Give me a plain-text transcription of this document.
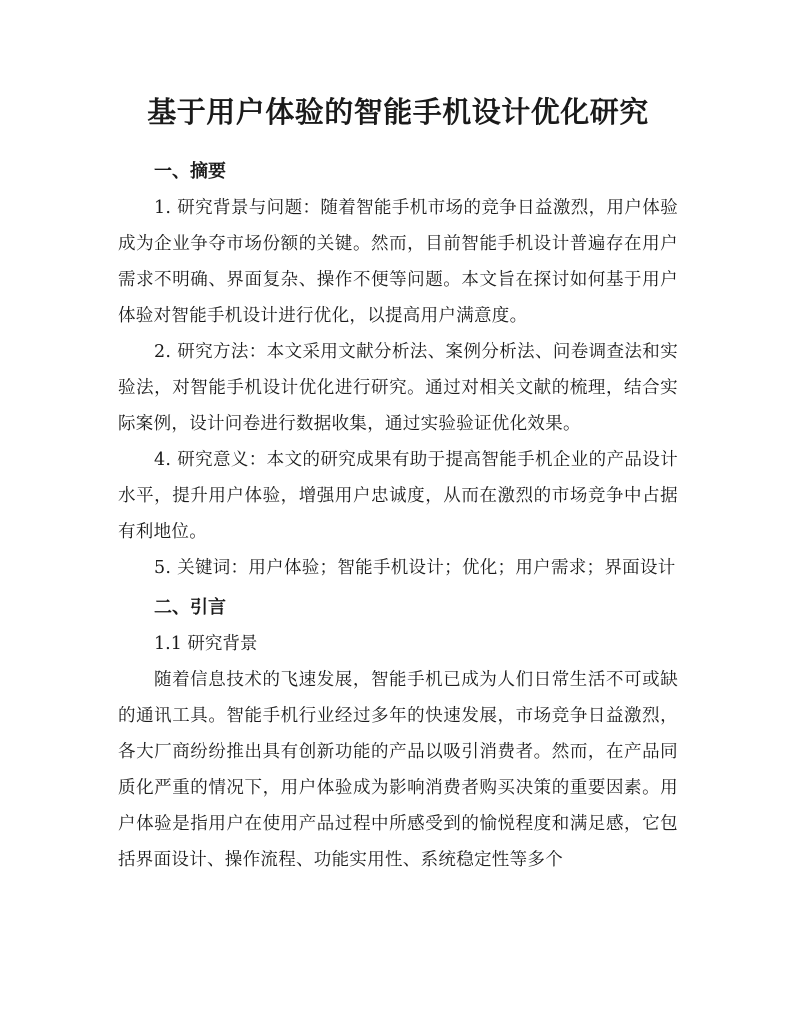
基于用户体验的智能手机设计优化研究

一、摘要

1. 研究背景与问题：随着智能手机市场的竞争日益激烈，用户体验成为企业争夺市场份额的关键。然而，目前智能手机设计普遍存在用户需求不明确、界面复杂、操作不便等问题。本文旨在探讨如何基于用户体验对智能手机设计进行优化，以提高用户满意度。

2. 研究方法：本文采用文献分析法、案例分析法、问卷调查法和实验法，对智能手机设计优化进行研究。通过对相关文献的梳理，结合实际案例，设计问卷进行数据收集，通过实验验证优化效果。

4. 研究意义：本文的研究成果有助于提高智能手机企业的产品设计水平，提升用户体验，增强用户忠诚度，从而在激烈的市场竞争中占据有利地位。

5. 关键词：用户体验；智能手机设计；优化；用户需求；界面设计

二、引言

1.1 研究背景

随着信息技术的飞速发展，智能手机已成为人们日常生活不可或缺的通讯工具。智能手机行业经过多年的快速发展，市场竞争日益激烈，各大厂商纷纷推出具有创新功能的产品以吸引消费者。然而，在产品同质化严重的情况下，用户体验成为影响消费者购买决策的重要因素。用户体验是指用户在使用产品过程中所感受到的愉悦程度和满足感，它包括界面设计、操作流程、功能实用性、系统稳定性等多个
